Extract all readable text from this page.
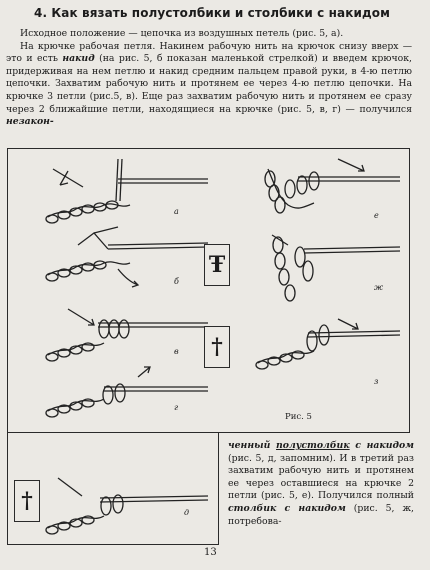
4. Как вязать полустолбики и столбики с накидом

Исходное положение — цепочка из воздушных петель (рис. 5, а).

На крючке рабочая петля. Накинем рабочую нить на крючок снизу вверх — это и есть накид (на рис. 5, б показан маленькой стрелкой) и введем крючок, придерживая на нем петлю и накид средним пальцем правой руки, в 4-ю петлю цепочки. Захватим рабочую нить и протянем ее через 4-ю петлю цепочки. На крючке 3 петли (рис.5, в). Еще раз захватим рабочую нить и протянем ее сразу через 2 ближайшие петли, находящиеся на крючке (рис. 5, в, г) — получился незакон-

а
б
в
г
е
ж
з
Ŧ
†
Рис. 5
†	д

ченный полустолбик с накидом (рис. 5, д, запомним). И в третий раз захватим рабочую нить и протянем ее через оставшиеся на крючке 2 петли (рис. 5, е). Получился полный столбик с накидом (рис. 5, ж, потребова-

13
